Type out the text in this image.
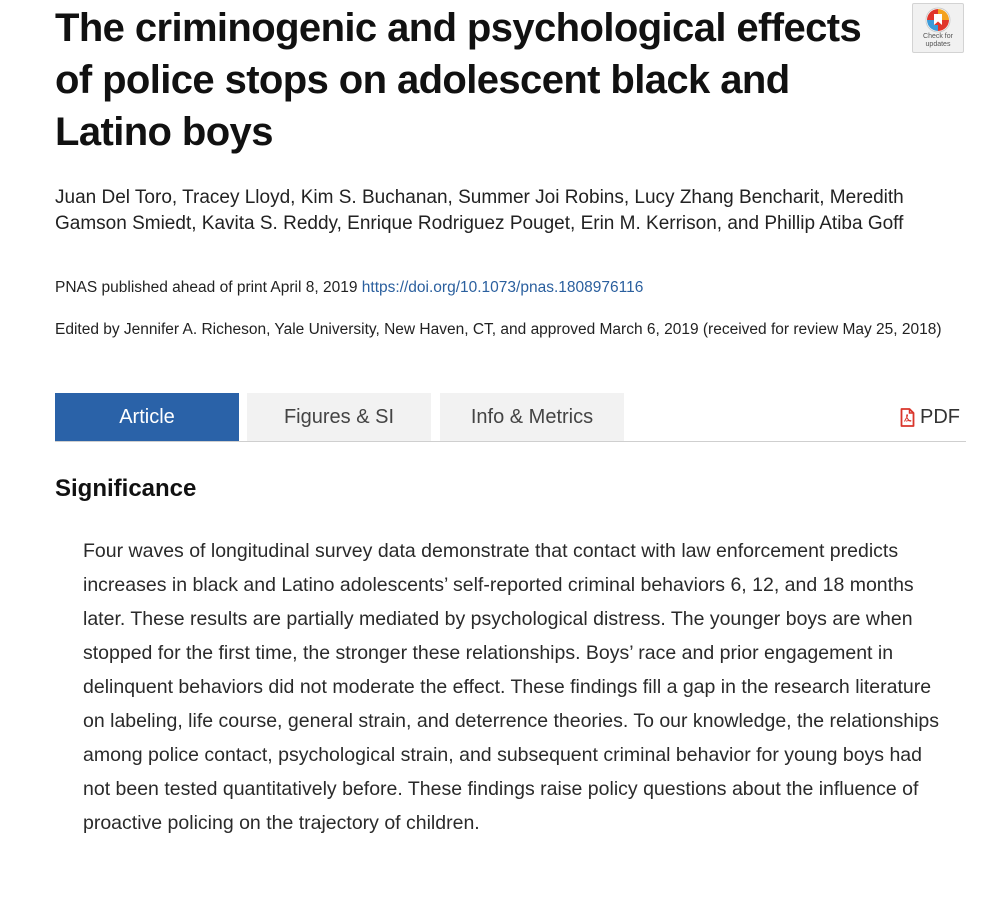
The criminogenic and psychological effects of police stops on adolescent black and Latino boys
Check for
updates

Juan Del Toro, Tracey Lloyd, Kim S. Buchanan, Summer Joi Robins, Lucy Zhang Bencharit, Meredith Gamson Smiedt, Kavita S. Reddy, Enrique Rodriguez Pouget, Erin M. Kerrison, and Phillip Atiba Goff

PNAS published ahead of print April 8, 2019 https://doi.org/10.1073/pnas.1808976116

Edited by Jennifer A. Richeson, Yale University, New Haven, CT, and approved March 6, 2019 (received for review May 25, 2018)

Article	Figures & SI	Info & Metrics	PDF
Significance

Four waves of longitudinal survey data demonstrate that contact with law enforcement predicts increases in black and Latino adolescents’ self-reported criminal behaviors 6, 12, and 18 months later. These results are partially mediated by psychological distress. The younger boys are when stopped for the first time, the stronger these relationships. Boys’ race and prior engagement in delinquent behaviors did not moderate the effect. These findings fill a gap in the research literature on labeling, life course, general strain, and deterrence theories. To our knowledge, the relationships among police contact, psychological strain, and subsequent criminal behavior for young boys had not been tested quantitatively before. These findings raise policy questions about the influence of proactive policing on the trajectory of children.
